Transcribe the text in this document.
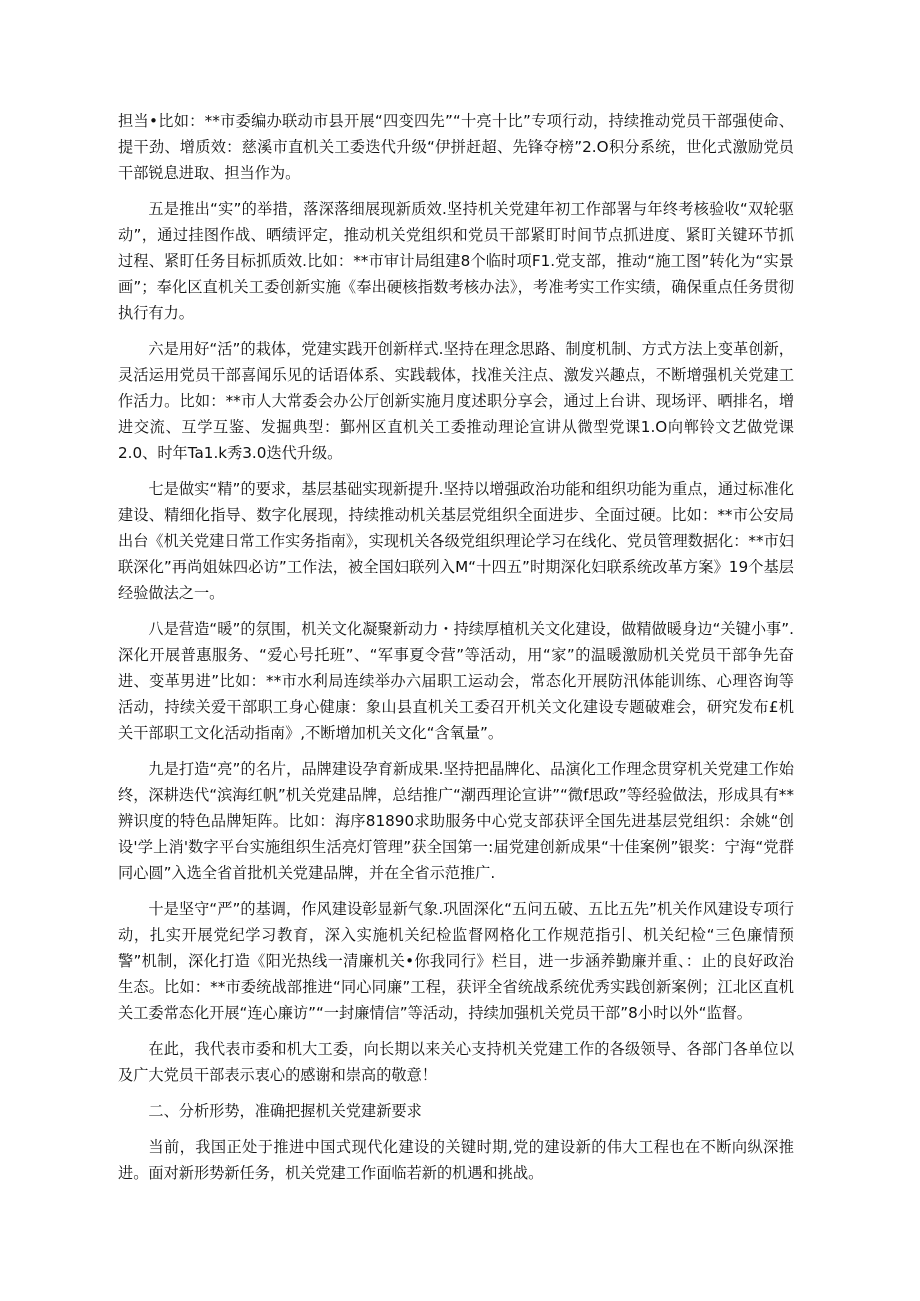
担当•比如：**市委编办联动市县开展“四变四先”“十亮十比”专项行动，持续推动党员干部强使命、提干劲、增质效：慈溪市直机关工委迭代升级“伊拼赶超、先锋夺榜”2.O积分系统，世化式激励党员干部锐息进取、担当作为。

五是推出“实”的举措，落深落细展现新质效.坚持机关党建年初工作部署与年终考核验收“双轮驱动”，通过挂图作战、晒绩评定，推动机关党组织和党员干部紧盯时间节点抓进度、紧盯关键环节抓过程、紧盯任务目标抓质效.比如：**市审计局组建8个临时项F1.党支部，推动“施工图”转化为“实景画”；奉化区直机关工委创新实施《奉出硬核指数考核办法》，考准考实工作实绩，确保重点任务贯彻执行有力。

六是用好“活”的栽体，党建实践开创新样式.坚持在理念思路、制度机制、方式方法上变革创新，灵活运用党员干部喜闻乐见的话语体系、实践载体，找准关注点、激发兴趣点，不断增强机关党建工作活力。比如：**市人大常委会办公厅创新实施月度述职分享会，通过上台讲、现场评、晒排名，增进交流、互学互鉴、发掘典型：鄞州区直机关工委推动理论宣讲从微型党课1.O向郸铃文艺做党课2.0、时年Ta1.k秀3.0迭代升级。

七是做实“精”的要求，基层基础实现新提升.坚持以增强政治功能和组织功能为重点，通过标准化建设、精细化指导、数字化展现，持续推动机关基层党组织全面进步、全面过硬。比如：**市公安局出台《机关党建日常工作实务指南》，实现机关各级党组织理论学习在线化、党员管理数据化：**市妇联深化”再尚姐妹四必访”工作法，被全国妇联列入M“十四五”时期深化妇联系统改革方案》19个基层经验做法之一。

八是营造“暖”的氛围，机关文化凝聚新动力・持续厚植机关文化建设，做精做暖身边“关键小事”.深化开展普惠服务、“爱心号托班”、“军事夏令营”等活动，用“家”的温暖激励机关党员干部争先奋进、变革男进”比如：**市水利局连续举办六届职工运动会，常态化开展防汛体能训练、心理咨询等活动，持续关爱干部职工身心健康：象山县直机关工委召开机关文化建设专题破难会，研究发布£机关干部职工文化活动指南》,不断增加机关文化“含氧量”。

九是打造“亮”的名片，品牌建设孕育新成果.坚持把晶牌化、品演化工作理念贯穿机关党建工作始终，深耕迭代“滨海红帆”机关党建品牌，总结推广“潮西理论宣讲”“微f思政”等经验做法，形成具有**辨识度的特色品牌矩阵。比如：海序81890求助服务中心党支部获评全国先进基层党组织：余姚“创设'学上消'数字平台实施组织生活亮灯管理”获全国第一:届党建创新成果“十佳案例”银奖：宁海“党群同心圆”入选全省首批机关党建品牌，并在全省示范推广.

十是坚守“严”的基调，作风建设彰显新气象.巩固深化“五问五破、五比五先”机关作风建设专项行动，扎实开展党纪学习教育，深入实施机关纪检监督网格化工作规范指引、机关纪检“三色廉情预警”机制，深化打造《阳光热线一清廉机关•你我同行》栏目，进一步涵养勤廉并重、：止的良好政治生态。比如：**市委统战部推进“同心同廉”工程，获评全省统战系统优秀实践创新案例；江北区直机关工委常态化开展“连心廉访”“一封廉情信”等活动，持续加强机关党员干部”8小时以外“监督。

在此，我代表市委和机大工委，向长期以来关心支持机关党建工作的各级领导、各部门各单位以及广大党员干部表示衷心的感谢和崇高的敬意！

二、分析形势，准确把握机关党建新要求

当前，我国正处于推进中国式现代化建设的关键时期,党的建设新的伟大工程也在不断向纵深推进。面对新形势新任务，机关党建工作面临若新的机遇和挑战。
